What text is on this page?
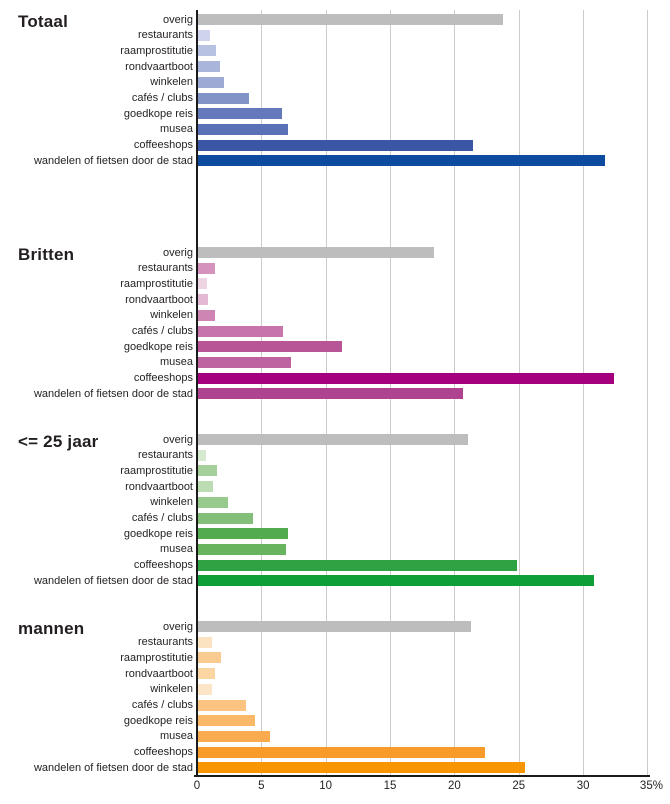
0	5	10	15	20	25	30	35%
Totaal	overig
restaurants
raamprostitutie
rondvaartboot
winkelen
cafés / clubs
goedkope reis
musea
coffeeshops
wandelen of fietsen door de stad
Britten	overig
restaurants
raamprostitutie
rondvaartboot
winkelen
cafés / clubs
goedkope reis
musea
coffeeshops
wandelen of fietsen door de stad
<= 25 jaar	overig
restaurants
raamprostitutie
rondvaartboot
winkelen
cafés / clubs
goedkope reis
musea
coffeeshops
wandelen of fietsen door de stad
mannen	overig
restaurants
raamprostitutie
rondvaartboot
winkelen
cafés / clubs
goedkope reis
musea
coffeeshops
wandelen of fietsen door de stad
